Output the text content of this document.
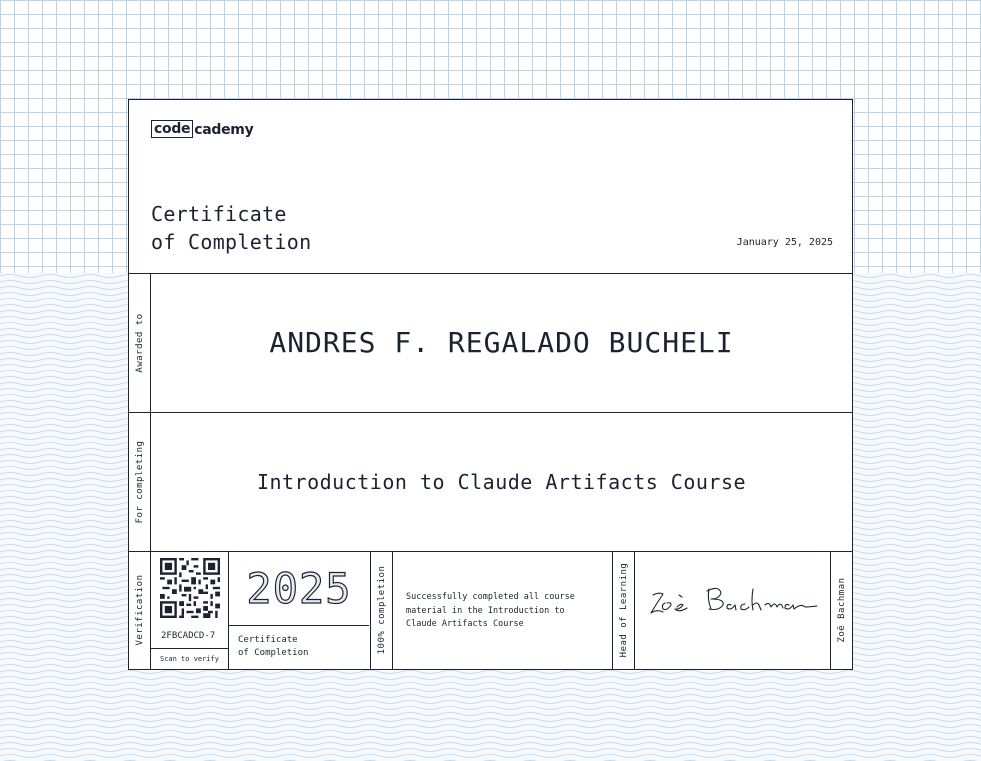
code cademy
Certificate
of Completion	January 25, 2025
Awarded to	ANDRES F. REGALADO BUCHELI
For completing	Introduction to Claude Artifacts Course
Verification 2FBCADCD-7
Scan to verify
2025
Certificate
of Completion	100% completion Successfully completed all course
material in the Introduction to
Claude Artifacts Course	Head of Learning	Zoë Bachman
